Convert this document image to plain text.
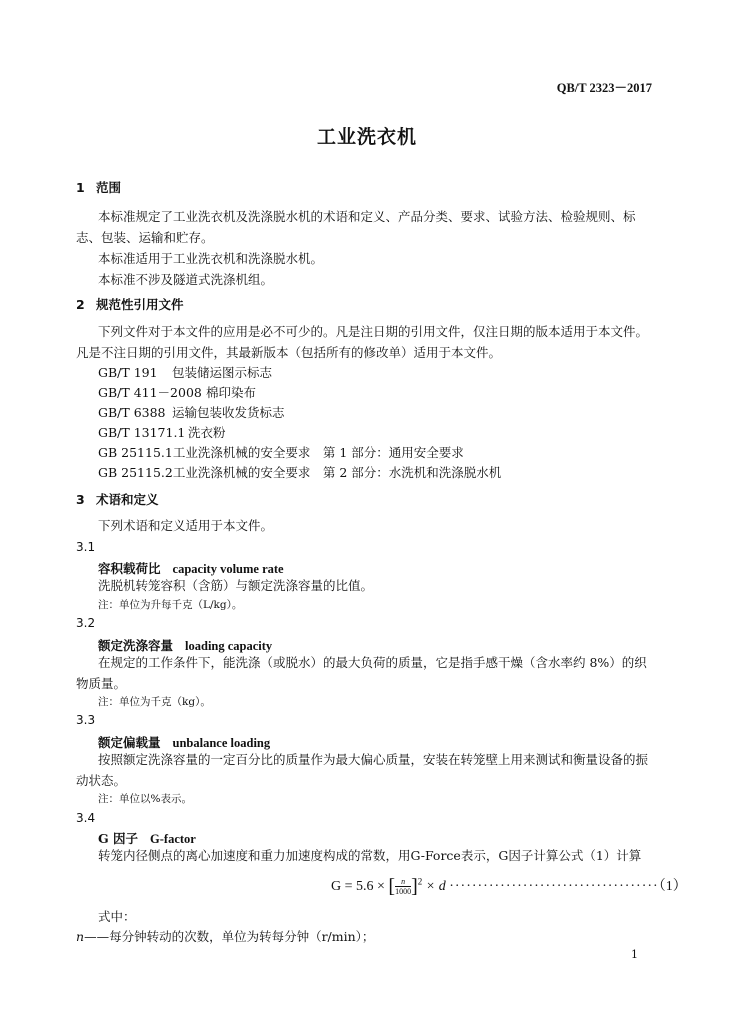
QB/T 2323－2017
工业洗衣机
1 范围
本标准规定了工业洗衣机及洗涤脱水机的术语和定义、产品分类、要求、试验方法、检验规则、标志、包装、运输和贮存。
本标准适用于工业洗衣机和洗涤脱水机。
本标准不涉及隧道式洗涤机组。
2 规范性引用文件
下列文件对于本文件的应用是必不可少的。凡是注日期的引用文件，仅注日期的版本适用于本文件。凡是不注日期的引用文件，其最新版本（包括所有的修改单）适用于本文件。
GB/T 191 包装储运图示标志
GB/T 411－2008 棉印染布
GB/T 6388 运输包装收发货标志
GB/T 13171.1 洗衣粉
GB 25115.1工业洗涤机械的安全要求　第 1 部分：通用安全要求
GB 25115.2工业洗涤机械的安全要求　第 2 部分：水洗机和洗涤脱水机
3 术语和定义
下列术语和定义适用于本文件。
3.1
容积载荷比 capacity volume rate
洗脱机转笼容积（含筋）与额定洗涤容量的比值。
注：单位为升每千克（L/kg）。
3.2
额定洗涤容量 loading capacity
在规定的工作条件下，能洗涤（或脱水）的最大负荷的质量，它是指手感干燥（含水率约 8%）的织物质量。
注：单位为千克（kg）。
3.3
额定偏载量 unbalance loading
按照额定洗涤容量的一定百分比的质量作为最大偏心质量，安装在转笼壁上用来测试和衡量设备的振动状态。
注：单位以%表示。
3.4
G 因子 G-factor
转笼内径侧点的离心加速度和重力加速度构成的常数，用G-Force表示，G因子计算公式（1）计算
G = 5.6 × [ $\frac{n}{1000} ]^2 \times d \cdot\cdot\cdot\cdot\cdot\cdot\cdot\cdot\cdot\cdot\cdot\cdot\cdot\cdot\cdot\cdot\cdot\cdot\cdot\cdot\cdot\cdot\cdot\cdot\cdot\cdot\cdot\cdot\cdot\cdot\cdot\cdot\cdot\cdot\cdot\cdot\cdot(1)$
式中：
n——每分钟转动的次数，单位为转每分钟（r/min）；
1
